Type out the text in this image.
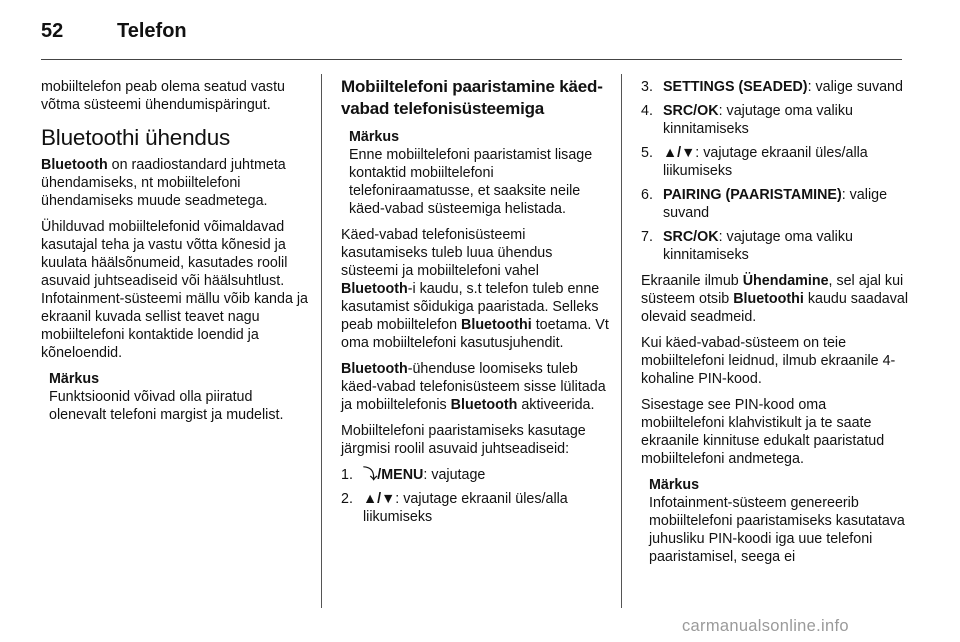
52	Telefon

mobiiltelefon peab olema seatud vastu võtma süsteemi ühendumispäringut.

Bluetoothi ühendus

Bluetooth on raadiostandard juhtmeta ühendamiseks, nt mobiiltelefoni ühendamiseks muude seadmetega.

Ühilduvad mobiiltelefonid võimaldavad kasutajal teha ja vastu võtta kõnesid ja kuulata häälsõnumeid, kasutades roolil asuvaid juhtseadiseid või häälsuhtlust. Infotainment-süsteemi mällu võib kanda ja ekraanil kuvada sellist teavet nagu mobiiltelefoni kontaktide loendid ja kõneloendid.

Märkus
Funktsioonid võivad olla piiratud olenevalt telefoni margist ja mudelist.
Mobiiltelefoni paaristamine käed-vabad telefonisüsteemiga
Märkus
Enne mobiiltelefoni paaristamist lisage kontaktid mobiiltelefoni telefoniraamatusse, et saaksite neile käed-vabad süsteemiga helistada.

Käed-vabad telefonisüsteemi kasutamiseks tuleb luua ühendus süsteemi ja mobiiltelefoni vahel Bluetooth-i kaudu, s.t telefon tuleb enne kasutamist sõidukiga paaristada. Selleks peab mobiiltelefon Bluetoothi toetama. Vt oma mobiiltelefoni kasutusjuhendit.

Bluetooth-ühenduse loomiseks tuleb käed-vabad telefonisüsteem sisse lülitada ja mobiiltelefonis Bluetooth aktiveerida.

Mobiiltelefoni paaristamiseks kasutage järgmisi roolil asuvaid juhtseadiseid:

1. ⤵/MENU: vajutage
2. ▲/▼: vajutage ekraanil üles/alla liikumiseks
3. SETTINGS (SEADED): valige suvand
4. SRC/OK: vajutage oma valiku kinnitamiseks
5. ▲/▼: vajutage ekraanil üles/alla liikumiseks
6. PAIRING (PAARISTAMINE): valige suvand
7. SRC/OK: vajutage oma valiku kinnitamiseks

Ekraanile ilmub Ühendamine, sel ajal kui süsteem otsib Bluetoothi kaudu saadaval olevaid seadmeid.

Kui käed-vabad-süsteem on teie mobiiltelefoni leidnud, ilmub ekraanile 4-kohaline PIN-kood.

Sisestage see PIN-kood oma mobiiltelefoni klahvistikult ja te saate ekraanile kinnituse edukalt paaristatud mobiiltelefoni andmetega.

Märkus
Infotainment-süsteem genereerib mobiiltelefoni paaristamiseks kasutatava juhusliku PIN-koodi iga uue telefoni paaristamisel, seega ei
carmanualsonline.info
